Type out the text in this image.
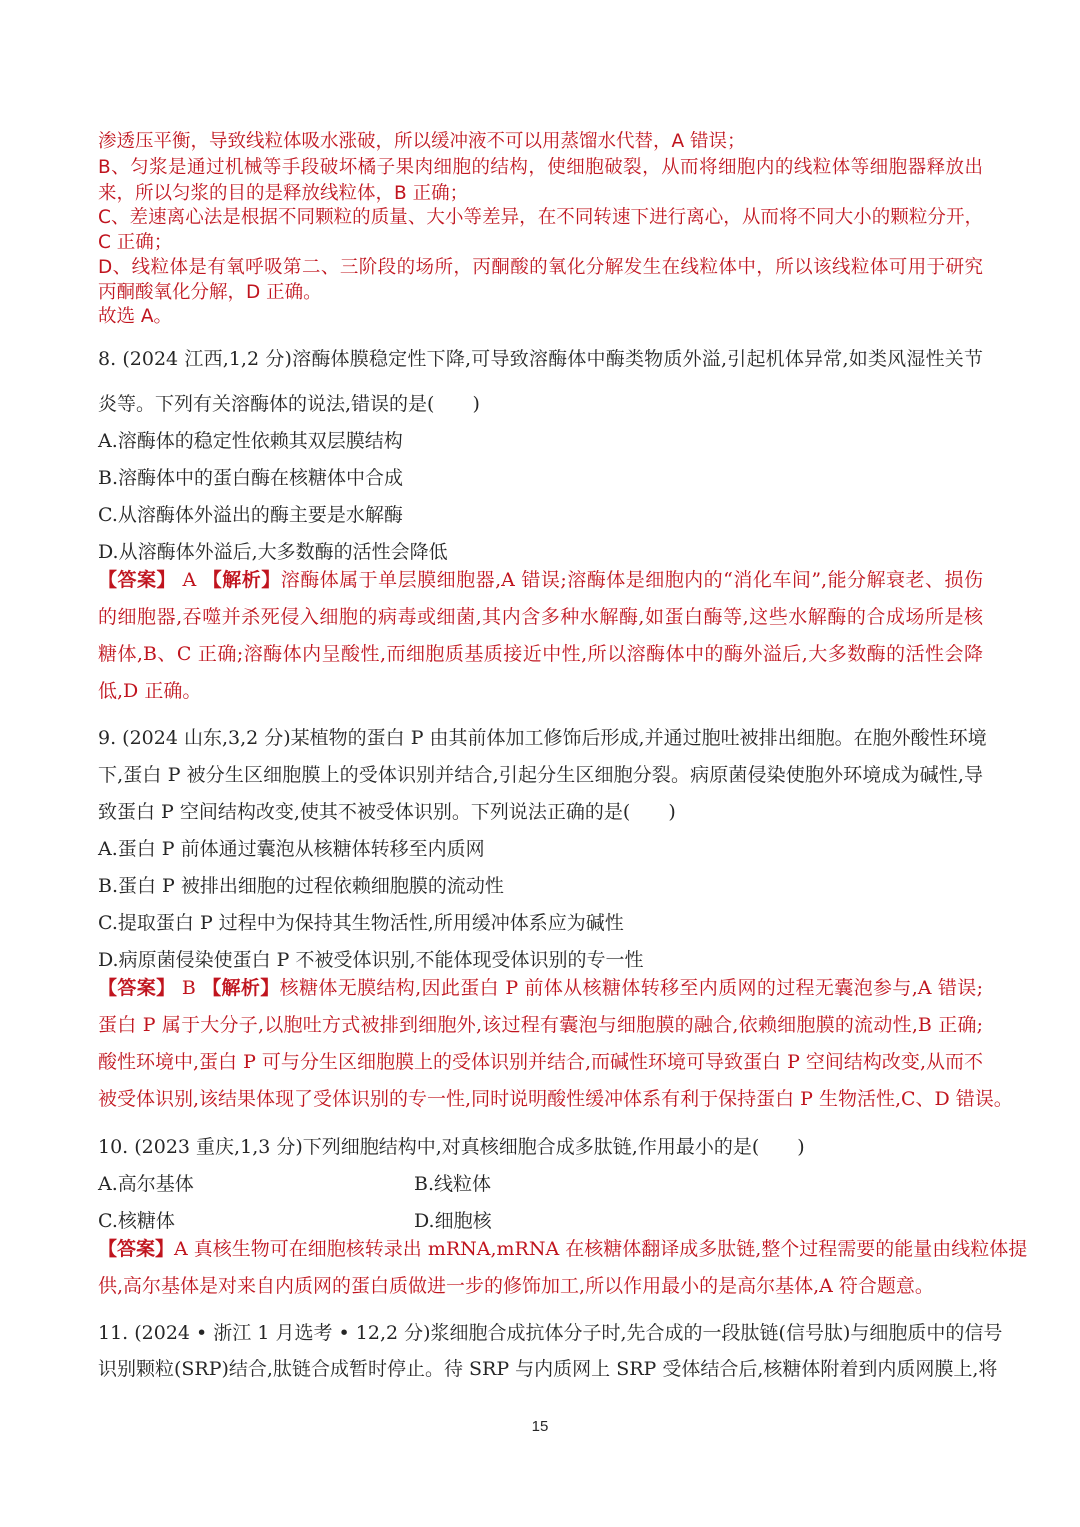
渗透压平衡，导致线粒体吸水涨破，所以缓冲液不可以用蒸馏水代替，A 错误；
B、匀浆是通过机械等手段破坏橘子果肉细胞的结构，使细胞破裂，从而将细胞内的线粒体等细胞器释放出
来，所以匀浆的目的是释放线粒体，B 正确；
C、差速离心法是根据不同颗粒的质量、大小等差异，在不同转速下进行离心，从而将不同大小的颗粒分开，
C 正确；
D、线粒体是有氧呼吸第二、三阶段的场所，丙酮酸的氧化分解发生在线粒体中，所以该线粒体可用于研究
丙酮酸氧化分解，D 正确。
故选 A。
8. (2024 江西,1,2 分)溶酶体膜稳定性下降,可导致溶酶体中酶类物质外溢,引起机体异常,如类风湿性关节
炎等。下列有关溶酶体的说法,错误的是(　　)
A.溶酶体的稳定性依赖其双层膜结构
B.溶酶体中的蛋白酶在核糖体中合成
C.从溶酶体外溢出的酶主要是水解酶
D.从溶酶体外溢后,大多数酶的活性会降低
【答案】 A 【解析】溶酶体属于单层膜细胞器,A 错误;溶酶体是细胞内的“消化车间”,能分解衰老、损伤
的细胞器,吞噬并杀死侵入细胞的病毒或细菌,其内含多种水解酶,如蛋白酶等,这些水解酶的合成场所是核
糖体,B、C 正确;溶酶体内呈酸性,而细胞质基质接近中性,所以溶酶体中的酶外溢后,大多数酶的活性会降
低,D 正确。
9. (2024 山东,3,2 分)某植物的蛋白 P 由其前体加工修饰后形成,并通过胞吐被排出细胞。在胞外酸性环境
下,蛋白 P 被分生区细胞膜上的受体识别并结合,引起分生区细胞分裂。病原菌侵染使胞外环境成为碱性,导
致蛋白 P 空间结构改变,使其不被受体识别。下列说法正确的是(　　)
A.蛋白 P 前体通过囊泡从核糖体转移至内质网
B.蛋白 P 被排出细胞的过程依赖细胞膜的流动性
C.提取蛋白 P 过程中为保持其生物活性,所用缓冲体系应为碱性
D.病原菌侵染使蛋白 P 不被受体识别,不能体现受体识别的专一性
【答案】 B 【解析】核糖体无膜结构,因此蛋白 P 前体从核糖体转移至内质网的过程无囊泡参与,A 错误;
蛋白 P 属于大分子,以胞吐方式被排到细胞外,该过程有囊泡与细胞膜的融合,依赖细胞膜的流动性,B 正确;
酸性环境中,蛋白 P 可与分生区细胞膜上的受体识别并结合,而碱性环境可导致蛋白 P 空间结构改变,从而不
被受体识别,该结果体现了受体识别的专一性,同时说明酸性缓冲体系有利于保持蛋白 P 生物活性,C、D 错误。
10. (2023 重庆,1,3 分)下列细胞结构中,对真核细胞合成多肽链,作用最小的是(　　)
A.高尔基体	B.线粒体
C.核糖体	D.细胞核
【答案】A 真核生物可在细胞核转录出 mRNA,mRNA 在核糖体翻译成多肽链,整个过程需要的能量由线粒体提
供,高尔基体是对来自内质网的蛋白质做进一步的修饰加工,所以作用最小的是高尔基体,A 符合题意。
11. (2024 • 浙江 1 月选考 • 12,2 分)浆细胞合成抗体分子时,先合成的一段肽链(信号肽)与细胞质中的信号
识别颗粒(SRP)结合,肽链合成暂时停止。待 SRP 与内质网上 SRP 受体结合后,核糖体附着到内质网膜上,将
15
